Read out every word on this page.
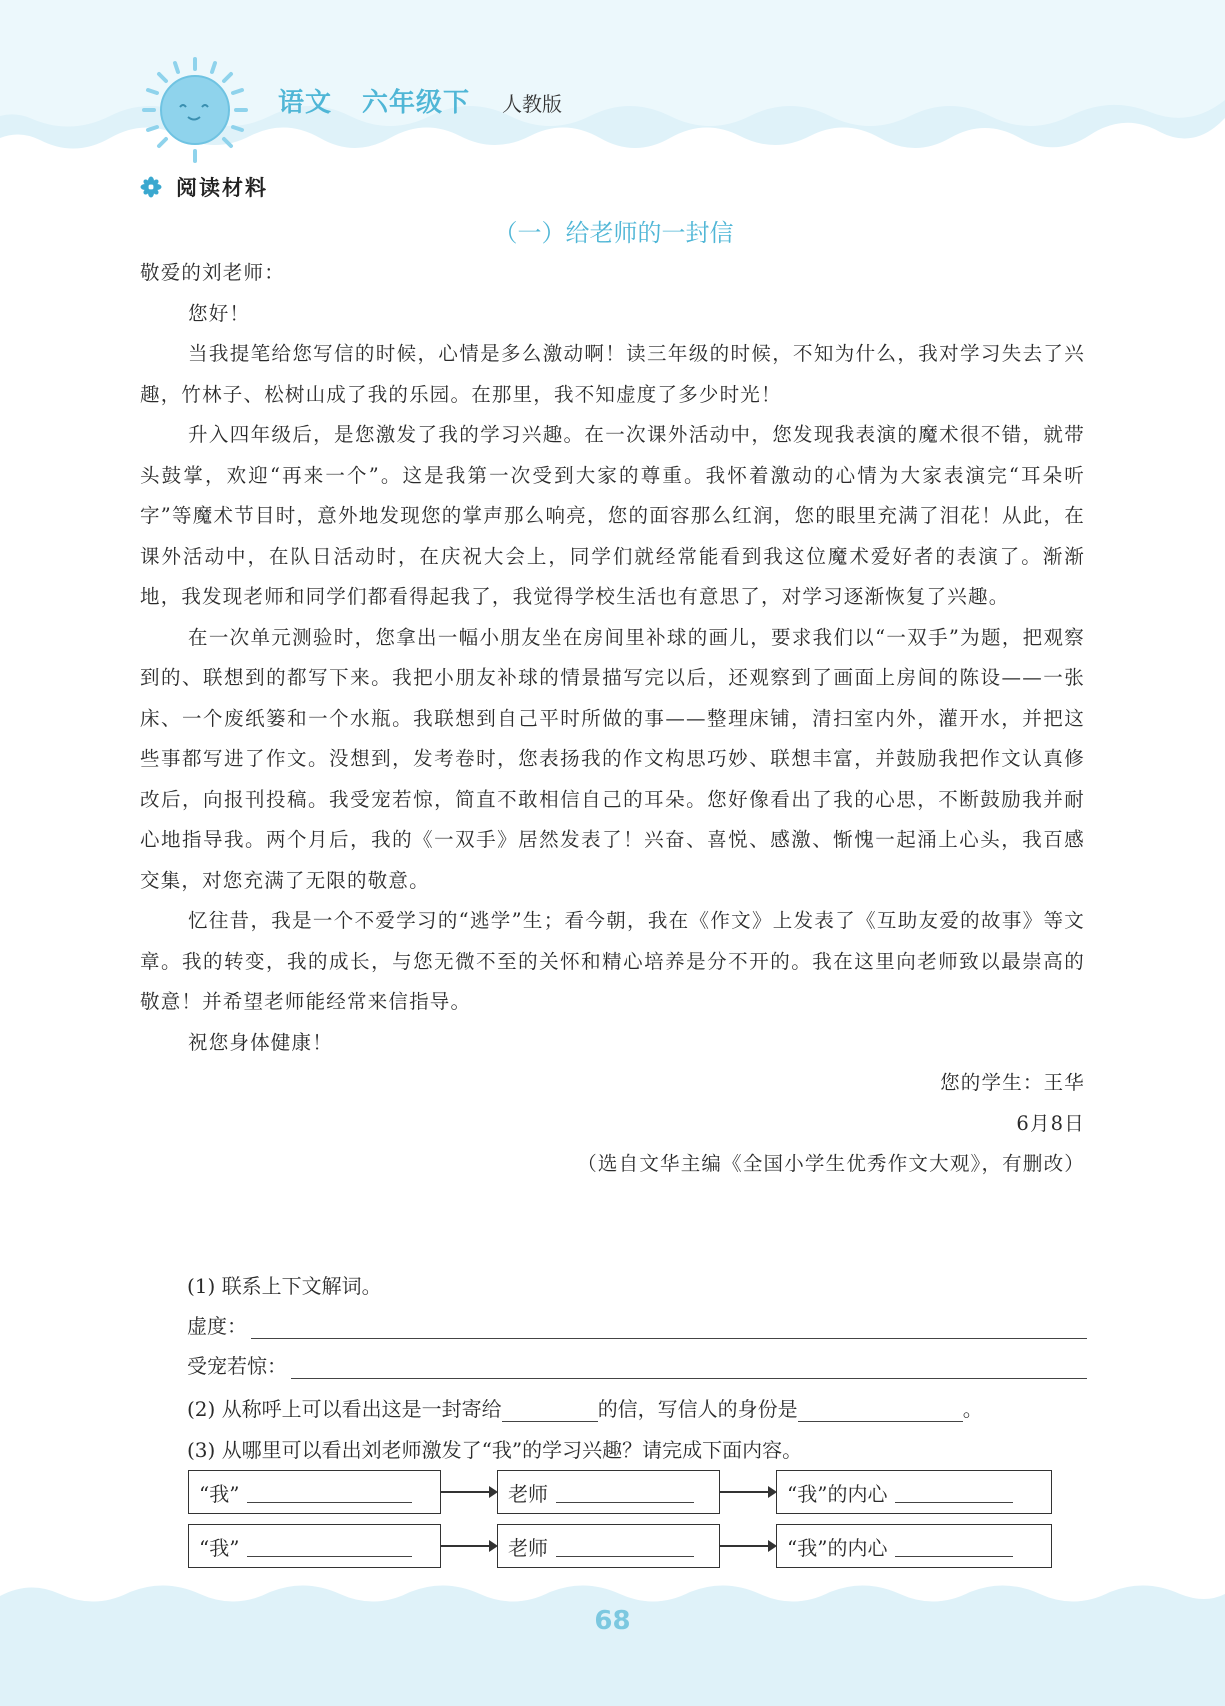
语文 六年级下 人教版
阅读材料
（一）给老师的一封信

敬爱的刘老师：

您好！

当我提笔给您写信的时候，心情是多么激动啊！读三年级的时候，不知为什么，我对学习失去了兴趣，竹林子、松树山成了我的乐园。在那里，我不知虚度了多少时光！

升入四年级后，是您激发了我的学习兴趣。在一次课外活动中，您发现我表演的魔术很不错，就带头鼓掌，欢迎“再来一个”。这是我第一次受到大家的尊重。我怀着激动的心情为大家表演完“耳朵听字”等魔术节目时，意外地发现您的掌声那么响亮，您的面容那么红润，您的眼里充满了泪花！从此，在课外活动中，在队日活动时，在庆祝大会上，同学们就经常能看到我这位魔术爱好者的表演了。渐渐地，我发现老师和同学们都看得起我了，我觉得学校生活也有意思了，对学习逐渐恢复了兴趣。

在一次单元测验时，您拿出一幅小朋友坐在房间里补球的画儿，要求我们以“一双手”为题，把观察到的、联想到的都写下来。我把小朋友补球的情景描写完以后，还观察到了画面上房间的陈设——一张床、一个废纸篓和一个水瓶。我联想到自己平时所做的事——整理床铺，清扫室内外，灌开水，并把这些事都写进了作文。没想到，发考卷时，您表扬我的作文构思巧妙、联想丰富，并鼓励我把作文认真修改后，向报刊投稿。我受宠若惊，简直不敢相信自己的耳朵。您好像看出了我的心思，不断鼓励我并耐心地指导我。两个月后，我的《一双手》居然发表了！兴奋、喜悦、感激、惭愧一起涌上心头，我百感交集，对您充满了无限的敬意。

忆往昔，我是一个不爱学习的“逃学”生；看今朝，我在《作文》上发表了《互助友爱的故事》等文章。我的转变，我的成长，与您无微不至的关怀和精心培养是分不开的。我在这里向老师致以最崇高的敬意！并希望老师能经常来信指导。

祝您身体健康！

您的学生：王华

6月8日

（选自文华主编《全国小学生优秀作文大观》，有删改）

(1) 联系上下文解词。
虚度：
受宠若惊：
(2) 从称呼上可以看出这是一封寄给	的信，写信人的身份是	。
(3) 从哪里可以看出刘老师激发了“我”的学习兴趣？请完成下面内容。
“我”	老师	“我”的内心
“我”	老师	“我”的内心
68
